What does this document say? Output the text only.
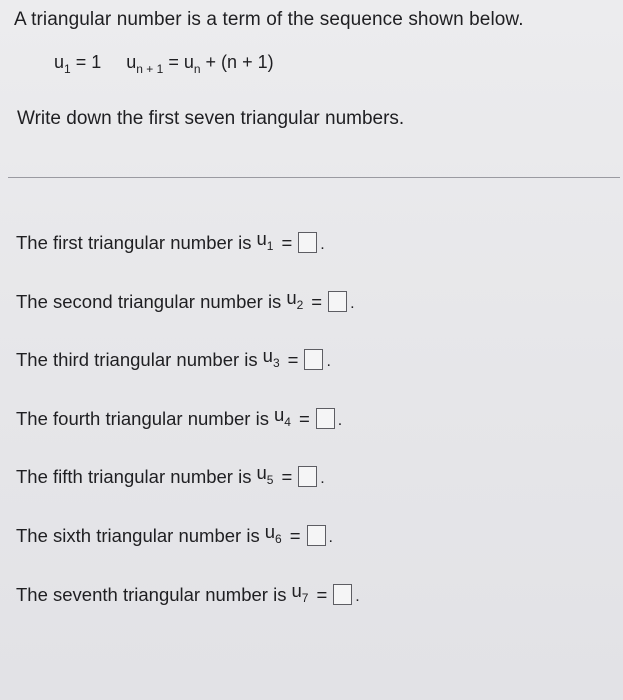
A triangular number is a term of the sequence shown below.
$u_1 = 1$ $u_{n + 1} = u_n + (n + 1)$
Write down the first seven triangular numbers.
The first triangular number is $u_1$ = .
The second triangular number is $u_2$ = .
The third triangular number is $u_3$ = .
The fourth triangular number is $u_4$ = .
The fifth triangular number is $u_5$ = .
The sixth triangular number is $u_6$ = .
The seventh triangular number is $u_7$ = .
